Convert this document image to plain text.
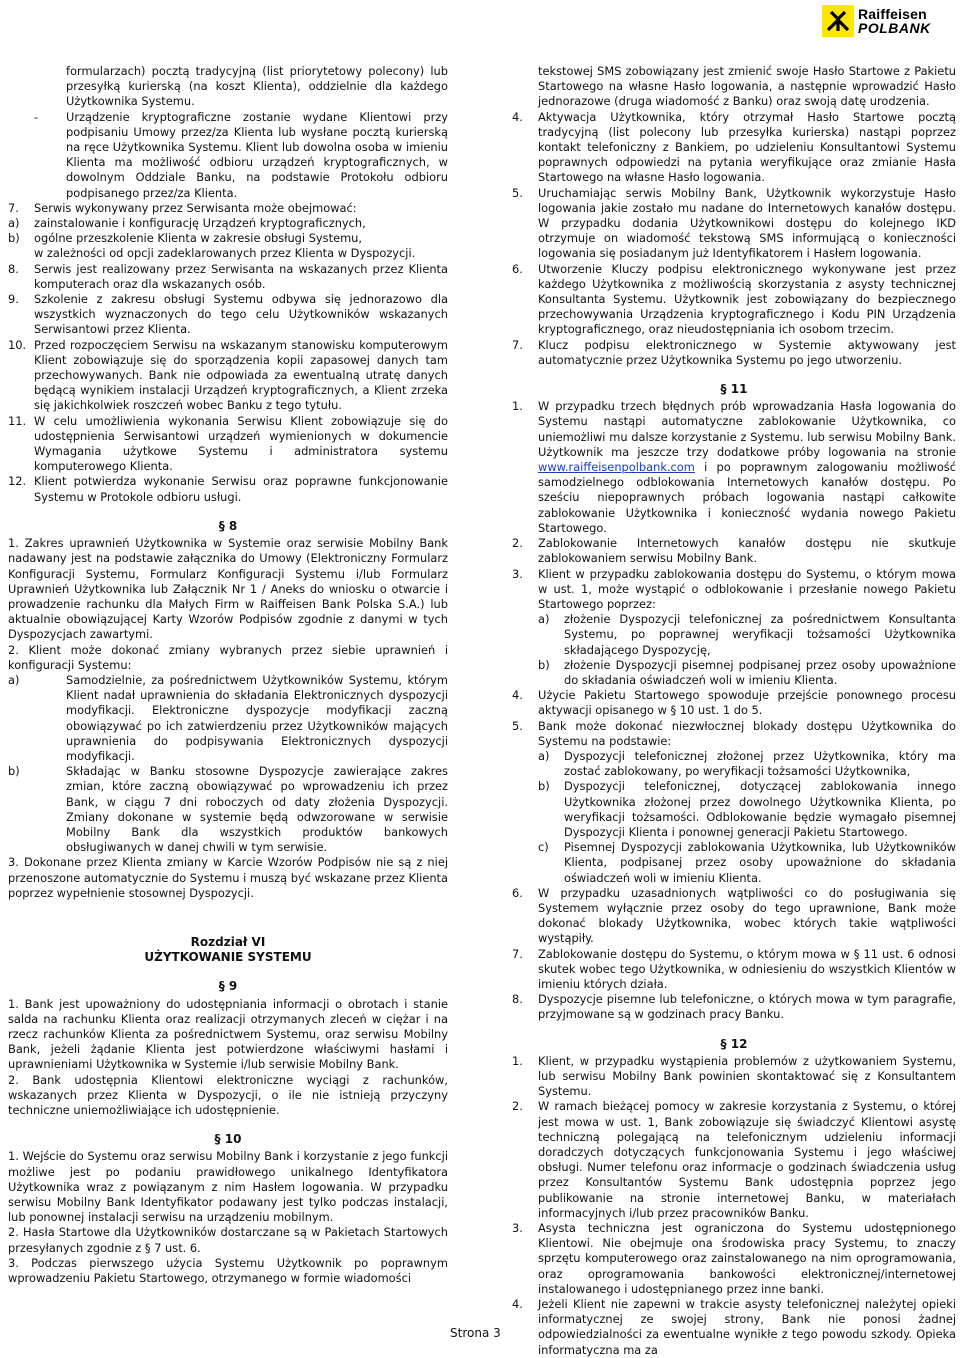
Raiffeisen
POLBANK
formularzach) pocztą tradycyjną (list priorytetowy polecony) lub przesyłką kurierską (na koszt Klienta), oddzielnie dla każdego Użytkownika Systemu.
- Urządzenie kryptograficzne zostanie wydane Klientowi przy podpisaniu Umowy przez/za Klienta lub wysłane pocztą kurierską na ręce Użytkownika Systemu. Klient lub dowolna osoba w imieniu Klienta ma możliwość odbioru urządzeń kryptograficznych, w dowolnym Oddziale Banku, na podstawie Protokołu odbioru podpisanego przez/za Klienta.
7. Serwis wykonywany przez Serwisanta może obejmować:
a) zainstalowanie i konfigurację Urządzeń kryptograficznych,
b) ogólne przeszkolenie Klienta w zakresie obsługi Systemu,
w zależności od opcji zadeklarowanych przez Klienta w Dyspozycji.
8. Serwis jest realizowany przez Serwisanta na wskazanych przez Klienta komputerach oraz dla wskazanych osób.
9. Szkolenie z zakresu obsługi Systemu odbywa się jednorazowo dla wszystkich wyznaczonych do tego celu Użytkowników wskazanych Serwisantowi przez Klienta.
10. Przed rozpoczęciem Serwisu na wskazanym stanowisku komputerowym Klient zobowiązuje się do sporządzenia kopii zapasowej danych tam przechowywanych. Bank nie odpowiada za ewentualną utratę danych będącą wynikiem instalacji Urządzeń kryptograficznych, a Klient zrzeka się jakichkolwiek roszczeń wobec Banku z tego tytułu.
11. W celu umożliwienia wykonania Serwisu Klient zobowiązuje się do udostępnienia Serwisantowi urządzeń wymienionych w dokumencie Wymagania użytkowe Systemu i administratora systemu komputerowego Klienta.
12. Klient potwierdza wykonanie Serwisu oraz poprawne funkcjonowanie Systemu w Protokole odbioru usługi.
§ 8
1. Zakres uprawnień Użytkownika w Systemie oraz serwisie Mobilny Bank nadawany jest na podstawie załącznika do Umowy (Elektroniczny Formularz Konfiguracji Systemu, Formularz Konfiguracji Systemu i/lub Formularz Uprawnień Użytkownika lub Załącznik Nr 1 / Aneks do wniosku o otwarcie i prowadzenie rachunku dla Małych Firm w Raiffeisen Bank Polska S.A.) lub aktualnie obowiązującej Karty Wzorów Podpisów zgodnie z danymi w tych Dyspozycjach zawartymi.
2. Klient może dokonać zmiany wybranych przez siebie uprawnień i konfiguracji Systemu:
a)	Samodzielnie, za pośrednictwem Użytkowników Systemu, którym Klient nadał uprawnienia do składania Elektronicznych dyspozycji modyfikacji. Elektroniczne dyspozycje modyfikacji zaczną obowiązywać po ich zatwierdzeniu przez Użytkowników mających uprawnienia do podpisywania Elektronicznych dyspozycji modyfikacji.
b)	Składając w Banku stosowne Dyspozycje zawierające zakres zmian, które zaczną obowiązywać po wprowadzeniu ich przez Bank, w ciągu 7 dni roboczych od daty złożenia Dyspozycji. Zmiany dokonane w systemie będą odwzorowane w serwisie Mobilny Bank dla wszystkich produktów bankowych obsługiwanych w danej chwili w tym serwisie.
3. Dokonane przez Klienta zmiany w Karcie Wzorów Podpisów nie są z niej przenoszone automatycznie do Systemu i muszą być wskazane przez Klienta poprzez wypełnienie stosownej Dyspozycji.
Rozdział VI
UŻYTKOWANIE SYSTEMU
§ 9
1. Bank jest upoważniony do udostępniania informacji o obrotach i stanie salda na rachunku Klienta oraz realizacji otrzymanych zleceń w ciężar i na rzecz rachunków Klienta za pośrednictwem Systemu, oraz serwisu Mobilny Bank, jeżeli żądanie Klienta jest potwierdzone właściwymi hasłami i uprawnieniami Użytkownika w Systemie i/lub serwisie Mobilny Bank.
2. Bank udostępnia Klientowi elektroniczne wyciągi z rachunków, wskazanych przez Klienta w Dyspozycji, o ile nie istnieją przyczyny techniczne uniemożliwiające ich udostępnienie.
§ 10
1. Wejście do Systemu oraz serwisu Mobilny Bank i korzystanie z jego funkcji możliwe jest po podaniu prawidłowego unikalnego Identyfikatora Użytkownika wraz z powiązanym z nim Hasłem logowania. W przypadku serwisu Mobilny Bank Identyfikator podawany jest tylko podczas instalacji, lub ponownej instalacji serwisu na urządzeniu mobilnym.
2. Hasła Startowe dla Użytkowników dostarczane są w Pakietach Startowych przesyłanych zgodnie z § 7 ust. 6.
3. Podczas pierwszego użycia Systemu Użytkownik po poprawnym wprowadzeniu Pakietu Startowego, otrzymanego w formie wiadomości
tekstowej SMS zobowiązany jest zmienić swoje Hasło Startowe z Pakietu Startowego na własne Hasło logowania, a następnie wprowadzić Hasło jednorazowe (druga wiadomość z Banku) oraz swoją datę urodzenia.
4. Aktywacja Użytkownika, który otrzymał Hasło Startowe pocztą tradycyjną (list polecony lub przesyłka kurierska) nastąpi poprzez kontakt telefoniczny z Bankiem, po udzieleniu Konsultantowi Systemu poprawnych odpowiedzi na pytania weryfikujące oraz zmianie Hasła Startowego na własne Hasło logowania.
5. Uruchamiając serwis Mobilny Bank, Użytkownik wykorzystuje Hasło logowania jakie zostało mu nadane do Internetowych kanałów dostępu. W przypadku dodania Użytkownikowi dostępu do kolejnego IKD otrzymuje on wiadomość tekstową SMS informującą o konieczności logowania się posiadanym już Identyfikatorem i Hasłem logowania.
6. Utworzenie Kluczy podpisu elektronicznego wykonywane jest przez każdego Użytkownika z możliwością skorzystania z asysty technicznej Konsultanta Systemu. Użytkownik jest zobowiązany do bezpiecznego przechowywania Urządzenia kryptograficznego i Kodu PIN Urządzenia kryptograficznego, oraz nieudostępniania ich osobom trzecim.
7. Klucz podpisu elektronicznego w Systemie aktywowany jest automatycznie przez Użytkownika Systemu po jego utworzeniu.
§ 11
1. W przypadku trzech błędnych prób wprowadzania Hasła logowania do Systemu nastąpi automatyczne zablokowanie Użytkownika, co uniemożliwi mu dalsze korzystanie z Systemu. lub serwisu Mobilny Bank. Użytkownik ma jeszcze trzy dodatkowe próby logowania na stronie www.raiffeisenpolbank.com i po poprawnym zalogowaniu możliwość samodzielnego odblokowania Internetowych kanałów dostępu. Po sześciu niepoprawnych próbach logowania nastąpi całkowite zablokowanie Użytkownika i konieczność wydania nowego Pakietu Startowego.
2. Zablokowanie Internetowych kanałów dostępu nie skutkuje zablokowaniem serwisu Mobilny Bank.
3. Klient w przypadku zablokowania dostępu do Systemu, o którym mowa w ust. 1, może wystąpić o odblokowanie i przesłanie nowego Pakietu Startowego poprzez:
a) złożenie Dyspozycji telefonicznej za pośrednictwem Konsultanta Systemu, po poprawnej weryfikacji tożsamości Użytkownika składającego Dyspozycję,
b) złożenie Dyspozycji pisemnej podpisanej przez osoby upoważnione do składania oświadczeń woli w imieniu Klienta.
4. Użycie Pakietu Startowego spowoduje przejście ponownego procesu aktywacji opisanego w § 10 ust. 1 do 5.
5. Bank może dokonać niezwłocznej blokady dostępu Użytkownika do Systemu na podstawie:
a) Dyspozycji telefonicznej złożonej przez Użytkownika, który ma zostać zablokowany, po weryfikacji tożsamości Użytkownika,
b) Dyspozycji telefonicznej, dotyczącej zablokowania innego Użytkownika złożonej przez dowolnego Użytkownika Klienta, po weryfikacji tożsamości. Odblokowanie będzie wymagało pisemnej Dyspozycji Klienta i ponownej generacji Pakietu Startowego.
c) Pisemnej Dyspozycji zablokowania Użytkownika, lub Użytkowników Klienta, podpisanej przez osoby upoważnione do składania oświadczeń woli w imieniu Klienta.
6. W przypadku uzasadnionych wątpliwości co do posługiwania się Systemem wyłącznie przez osoby do tego uprawnione, Bank może dokonać blokady Użytkownika, wobec których takie wątpliwości wystąpiły.
7. Zablokowanie dostępu do Systemu, o którym mowa w § 11 ust. 6 odnosi skutek wobec tego Użytkownika, w odniesieniu do wszystkich Klientów w imieniu których działa.
8. Dyspozycje pisemne lub telefoniczne, o których mowa w tym paragrafie, przyjmowane są w godzinach pracy Banku.
§ 12
1. Klient, w przypadku wystąpienia problemów z użytkowaniem Systemu, lub serwisu Mobilny Bank powinien skontaktować się z Konsultantem Systemu.
2. W ramach bieżącej pomocy w zakresie korzystania z Systemu, o której jest mowa w ust. 1, Bank zobowiązuje się świadczyć Klientowi asystę techniczną polegającą na telefonicznym udzieleniu informacji doradczych dotyczących funkcjonowania Systemu i jego właściwej obsługi. Numer telefonu oraz informacje o godzinach świadczenia usług przez Konsultantów Systemu Bank udostępnia poprzez jego publikowanie na stronie internetowej Banku, w materiałach informacyjnych i/lub przez pracowników Banku.
3. Asysta techniczna jest ograniczona do Systemu udostępnionego Klientowi. Nie obejmuje ona środowiska pracy Systemu, to znaczy sprzętu komputerowego oraz zainstalowanego na nim oprogramowania, oraz oprogramowania bankowości elektronicznej/internetowej instalowanego i udostępnianego przez inne banki.
4. Jeżeli Klient nie zapewni w trakcie asysty telefonicznej należytej opieki informatycznej ze swojej strony, Bank nie ponosi żadnej odpowiedzialności za ewentualne wynikłe z tego powodu szkody. Opieka informatyczna ma za
Strona 3
